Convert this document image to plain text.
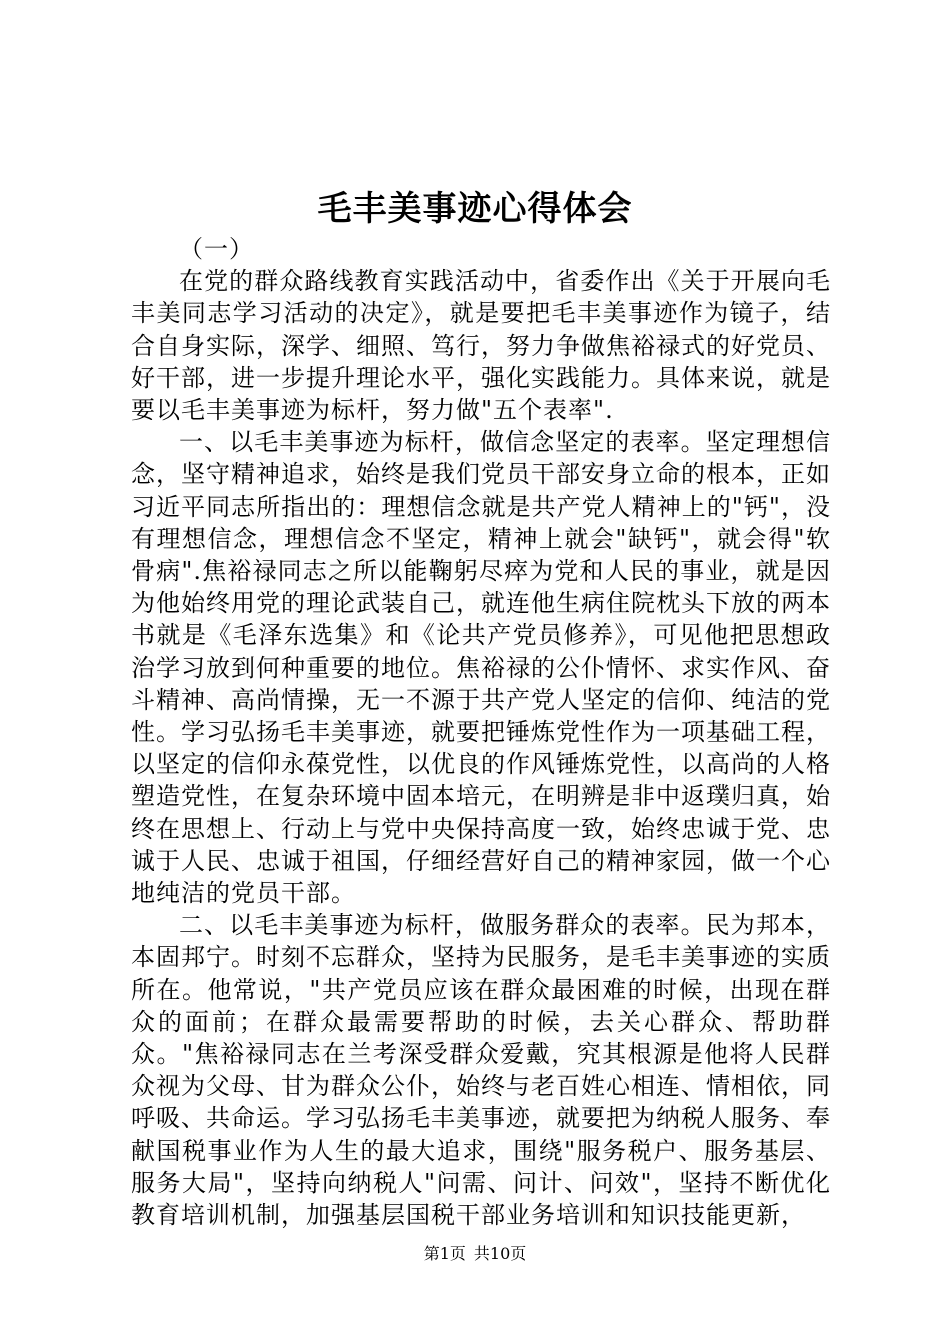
毛丰美事迹心得体会

（一）

在党的群众路线教育实践活动中，省委作出《关于开展向毛丰美同志学习活动的决定》，就是要把毛丰美事迹作为镜子，结合自身实际，深学、细照、笃行，努力争做焦裕禄式的好党员、好干部，进一步提升理论水平，强化实践能力。具体来说，就是要以毛丰美事迹为标杆，努力做"五个表率".

一、以毛丰美事迹为标杆，做信念坚定的表率。坚定理想信念，坚守精神追求，始终是我们党员干部安身立命的根本，正如习近平同志所指出的：理想信念就是共产党人精神上的"钙"，没有理想信念，理想信念不坚定，精神上就会"缺钙"，就会得"软骨病".焦裕禄同志之所以能鞠躬尽瘁为党和人民的事业，就是因为他始终用党的理论武装自己，就连他生病住院枕头下放的两本书就是《毛泽东选集》和《论共产党员修养》，可见他把思想政治学习放到何种重要的地位。焦裕禄的公仆情怀、求实作风、奋斗精神、高尚情操，无一不源于共产党人坚定的信仰、纯洁的党性。学习弘扬毛丰美事迹，就要把锤炼党性作为一项基础工程，以坚定的信仰永葆党性，以优良的作风锤炼党性，以高尚的人格塑造党性，在复杂环境中固本培元，在明辨是非中返璞归真，始终在思想上、行动上与党中央保持高度一致，始终忠诚于党、忠诚于人民、忠诚于祖国，仔细经营好自己的精神家园，做一个心地纯洁的党员干部。

二、以毛丰美事迹为标杆，做服务群众的表率。民为邦本，本固邦宁。时刻不忘群众，坚持为民服务，是毛丰美事迹的实质所在。他常说，"共产党员应该在群众最困难的时候，出现在群众的面前；在群众最需要帮助的时候，去关心群众、帮助群众。"焦裕禄同志在兰考深受群众爱戴，究其根源是他将人民群众视为父母、甘为群众公仆，始终与老百姓心相连、情相依，同呼吸、共命运。学习弘扬毛丰美事迹，就要把为纳税人服务、奉献国税事业作为人生的最大追求，围绕"服务税户、服务基层、服务大局"，坚持向纳税人"问需、问计、问效"，坚持不断优化教育培训机制，加强基层国税干部业务培训和知识技能更新，

第1页 共10页
